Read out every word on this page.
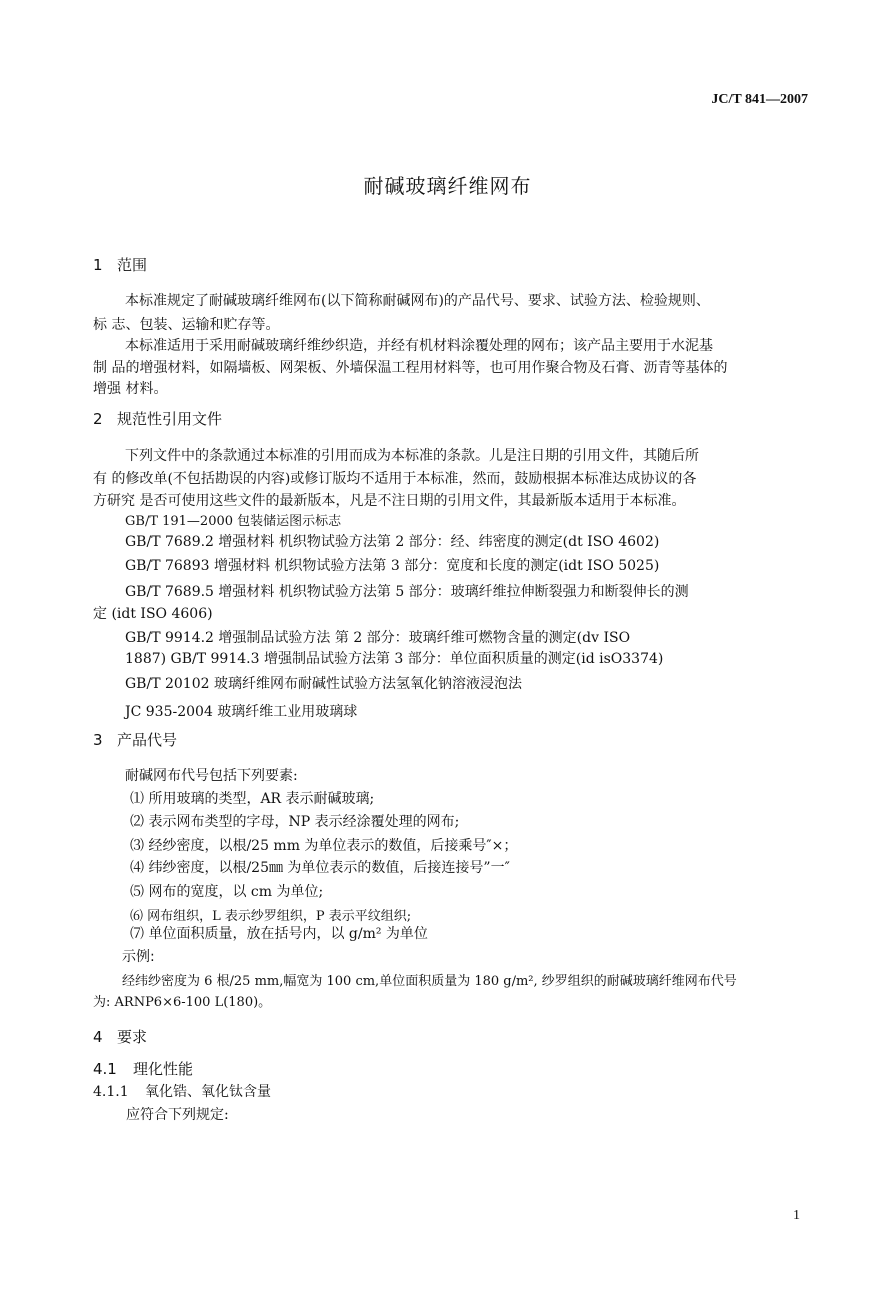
JC/T 841—2007
耐碱玻璃纤维网布
1 范围
本标准规定了耐碱玻璃纤维网布(以下简称耐碱网布)的产品代号、要求、试验方法、检验规则、
标 志、包装、运输和贮存等。
本标准适用于采用耐碱玻璃纤维纱织造，并经有机材料涂覆处理的网布；该产品主要用于水泥基
制 品的增强材料，如隔墙板、网架板、外墙保温工程用材料等，也可用作聚合物及石膏、沥青等基体的
增强 材料。
2 规范性引用文件
下列文件中的条款通过本标准的引用而成为本标准的条款。儿是注日期的引用文件，其随后所
有 的修改单(不包括勘误的内容)或修订版均不适用于本标准，然而，鼓励根据本标准达成协议的各
方研究 是否可使用这些文件的最新版本，凡是不注日期的引用文件，其最新版本适用于本标准。
GB/T 191—2000 包装储运图示标志
GB/T 7689.2 增强材料 机织物试验方法第 2 部分：经、纬密度的测定(dt ISO 4602)
GB/T 76893 增强材料 机织物试验方法第 3 部分：宽度和长度的测定(idt ISO 5025)
GB/T 7689.5 增强材料 机织物试验方法第 5 部分：玻璃纤维拉伸断裂强力和断裂伸长的测
定 (idt ISO 4606)
GB/T 9914.2 增强制品试验方法 第 2 部分：玻璃纤维可燃物含量的测定(dv ISO
1887) GB/T 9914.3 增强制品试验方法第 3 部分：单位面积质量的测定(id isO3374)
GB/T 20102 玻璃纤维网布耐碱性试验方法氢氧化钠溶液浸泡法
JC 935-2004 玻璃纤维工业用玻璃球
3 产品代号
耐碱网布代号包括下列要素:
⑴ 所用玻璃的类型，AR 表示耐碱玻璃;
⑵ 表示网布类型的字母，NP 表示经涂覆处理的网布;
⑶ 经纱密度，以根/25 mm 为单位表示的数值，后接乘号″×；
⑷ 纬纱密度，以根/25㎜ 为单位表示的数值，后接连接号”一″
⑸ 网布的宽度，以 cm 为单位;
⑹ 网布组织，L 表示纱罗组织，P 表示平纹组织;
⑺ 单位面积质量，放在括号内，以 g/m² 为单位
示例:
经纬纱密度为 6 根/25 mm,幅宽为 100 cm,单位面积质量为 180 g/m², 纱罗组织的耐碱玻璃纤维网布代号
为: ARNP6×6-100 L(180)。
4 要求
4.1 理化性能
4.1.1 氧化锆、氧化钛含量
应符合下列规定:
1
